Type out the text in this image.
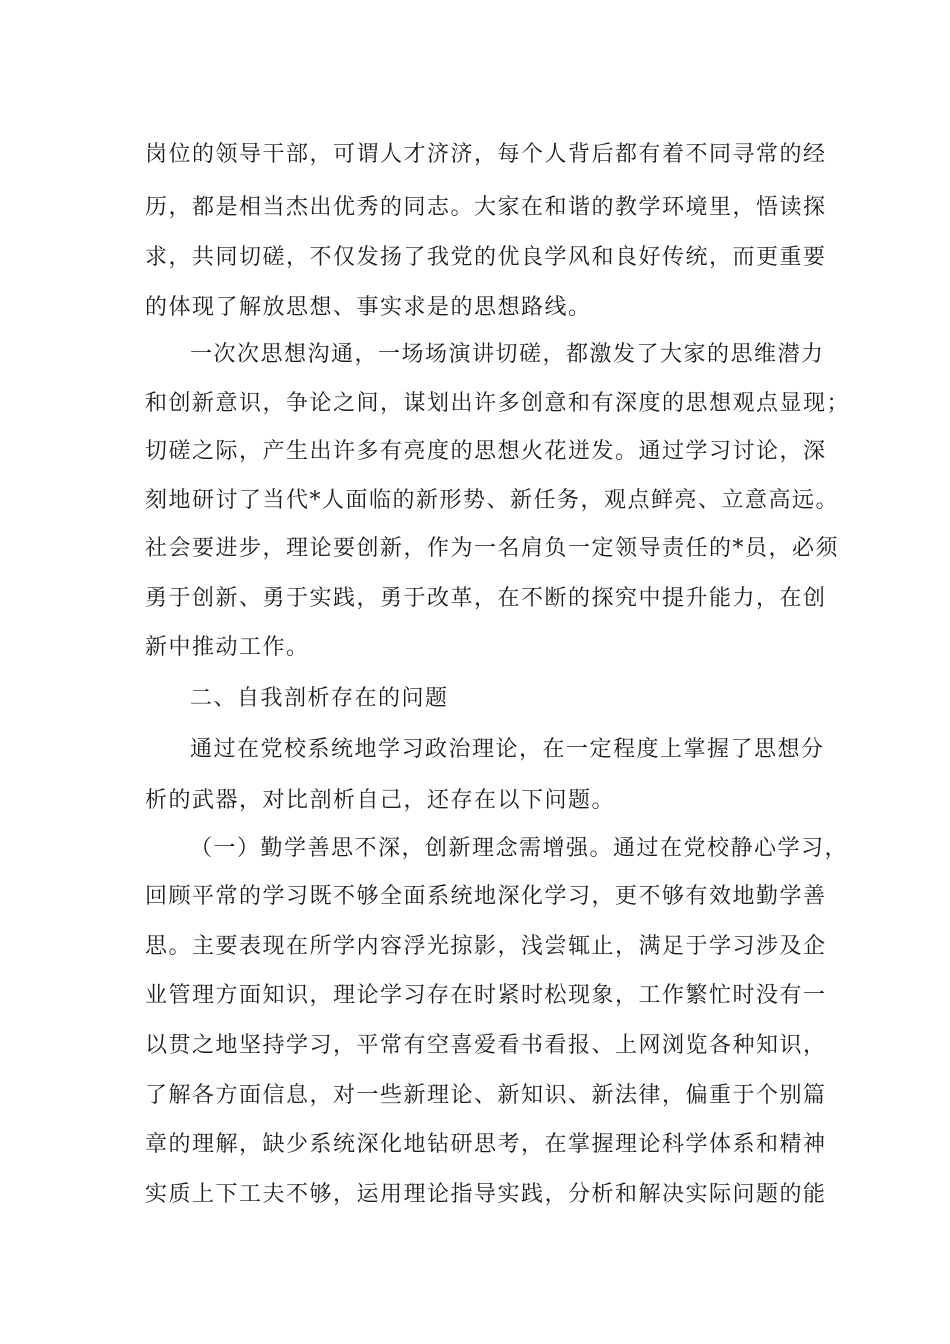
岗位的领导干部，可谓人才济济，每个人背后都有着不同寻常的经
历，都是相当杰出优秀的同志。大家在和谐的教学环境里，悟读探
求，共同切磋，不仅发扬了我党的优良学风和良好传统，而更重要
的体现了解放思想、事实求是的思想路线。
一次次思想沟通，一场场演讲切磋，都激发了大家的思维潜力
和创新意识，争论之间，谋划出许多创意和有深度的思想观点显现；
切磋之际，产生出许多有亮度的思想火花迸发。通过学习讨论，深
刻地研讨了当代*人面临的新形势、新任务，观点鲜亮、立意高远。
社会要进步，理论要创新，作为一名肩负一定领导责任的*员，必须
勇于创新、勇于实践，勇于改革，在不断的探究中提升能力，在创
新中推动工作。
二、自我剖析存在的问题
通过在党校系统地学习政治理论，在一定程度上掌握了思想分
析的武器，对比剖析自己，还存在以下问题。
（一）勤学善思不深，创新理念需增强。通过在党校静心学习，
回顾平常的学习既不够全面系统地深化学习，更不够有效地勤学善
思。主要表现在所学内容浮光掠影，浅尝辄止，满足于学习涉及企
业管理方面知识，理论学习存在时紧时松现象，工作繁忙时没有一
以贯之地坚持学习，平常有空喜爱看书看报、上网浏览各种知识，
了解各方面信息，对一些新理论、新知识、新法律，偏重于个别篇
章的理解，缺少系统深化地钻研思考，在掌握理论科学体系和精神
实质上下工夫不够，运用理论指导实践，分析和解决实际问题的能
